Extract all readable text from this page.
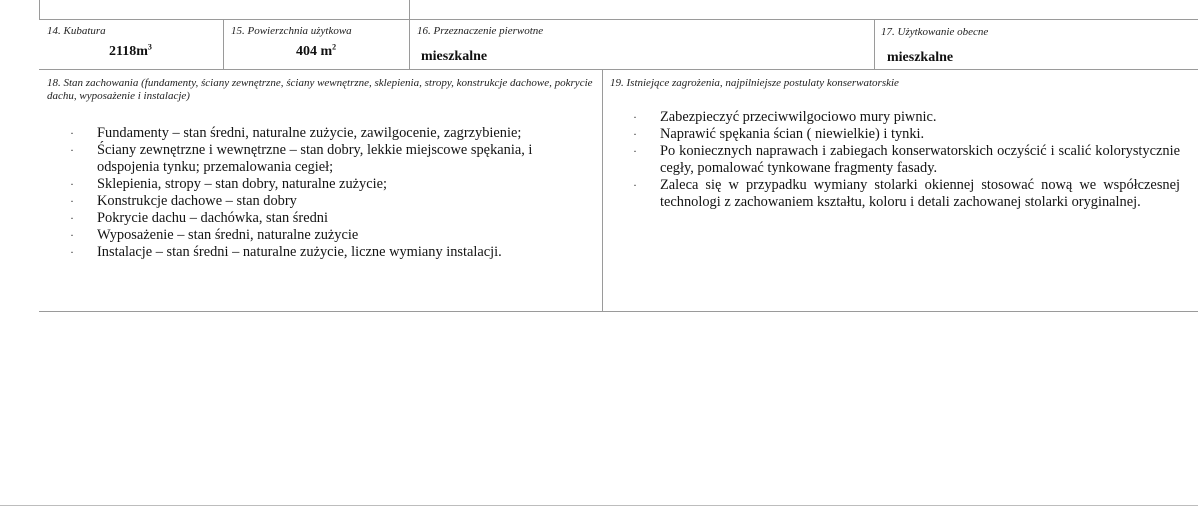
14. Kubatura
$2118m^3$
15. Powierzchnia użytkowa
404 $m^2$
16. Przeznaczenie pierwotne
mieszkalne
17. Użytkowanie obecne
mieszkalne
18. Stan zachowania (fundamenty, ściany zewnętrzne, ściany wewnętrzne, sklepienia, stropy, konstrukcje dachowe, pokrycie dachu, wyposażenie i instalacje)
· Fundamenty – stan średni, naturalne zużycie, zawilgocenie, zagrzybienie;
· Ściany zewnętrzne i wewnętrzne – stan dobry, lekkie miejscowe spękania, i odspojenia tynku; przemalowania cegieł;
· Sklepienia, stropy – stan dobry, naturalne zużycie;
· Konstrukcje dachowe – stan dobry
· Pokrycie dachu – dachówka, stan średni
· Wyposażenie – stan średni, naturalne zużycie
· Instalacje – stan średni – naturalne zużycie, liczne wymiany instalacji.
19. Istniejące zagrożenia, najpilniejsze postulaty konserwatorskie
· Zabezpieczyć przeciwwilgociowo mury piwnic.
· Naprawić spękania ścian ( niewielkie) i tynki.
· Po koniecznych naprawach i zabiegach konserwatorskich oczyścić i scalić kolorystycznie cegły, pomalować tynkowane fragmenty fasady.
· Zaleca się w przypadku wymiany stolarki okiennej stosować nową we współczesnej technologi z zachowaniem kształtu, koloru i detali zachowanej stolarki oryginalnej.
